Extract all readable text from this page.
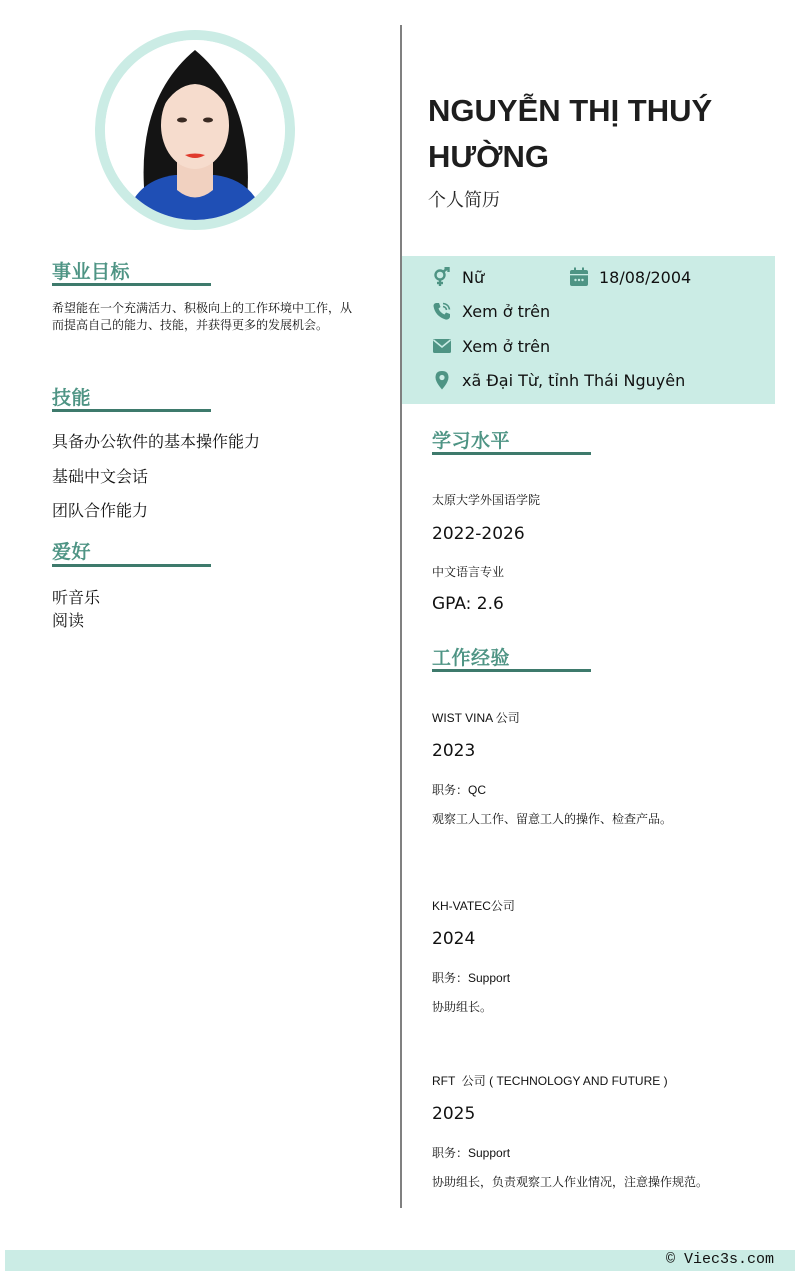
事业目标
希望能在一个充满活力、积极向上的工作环境中工作，从而提高自己的能力、技能，并获得更多的发展机会。
技能
具备办公软件的基本操作能力
基础中文会话
团队合作能力
爱好
听音乐
阅读
NGUYỄN THỊ THUÝ
HƯỜNG
个人简历
Nữ	18/08/2004
Xem ở trên
Xem ở trên
xã Đại Từ, tỉnh Thái Nguyên
学习水平
太原大学外国语学院
2022-2026
中文语言专业
GPA: 2.6
工作经验
WIST VINA 公司
2023
职务：QC
观察工人工作、留意工人的操作、检查产品。
KH-VATEC公司
2024
职务：Support
协助组长。
RFT  公司 ( TECHNOLOGY AND FUTURE )
2025
职务：Support
协助组长，负责观察工人作业情况，注意操作规范。
© Viec3s.com
